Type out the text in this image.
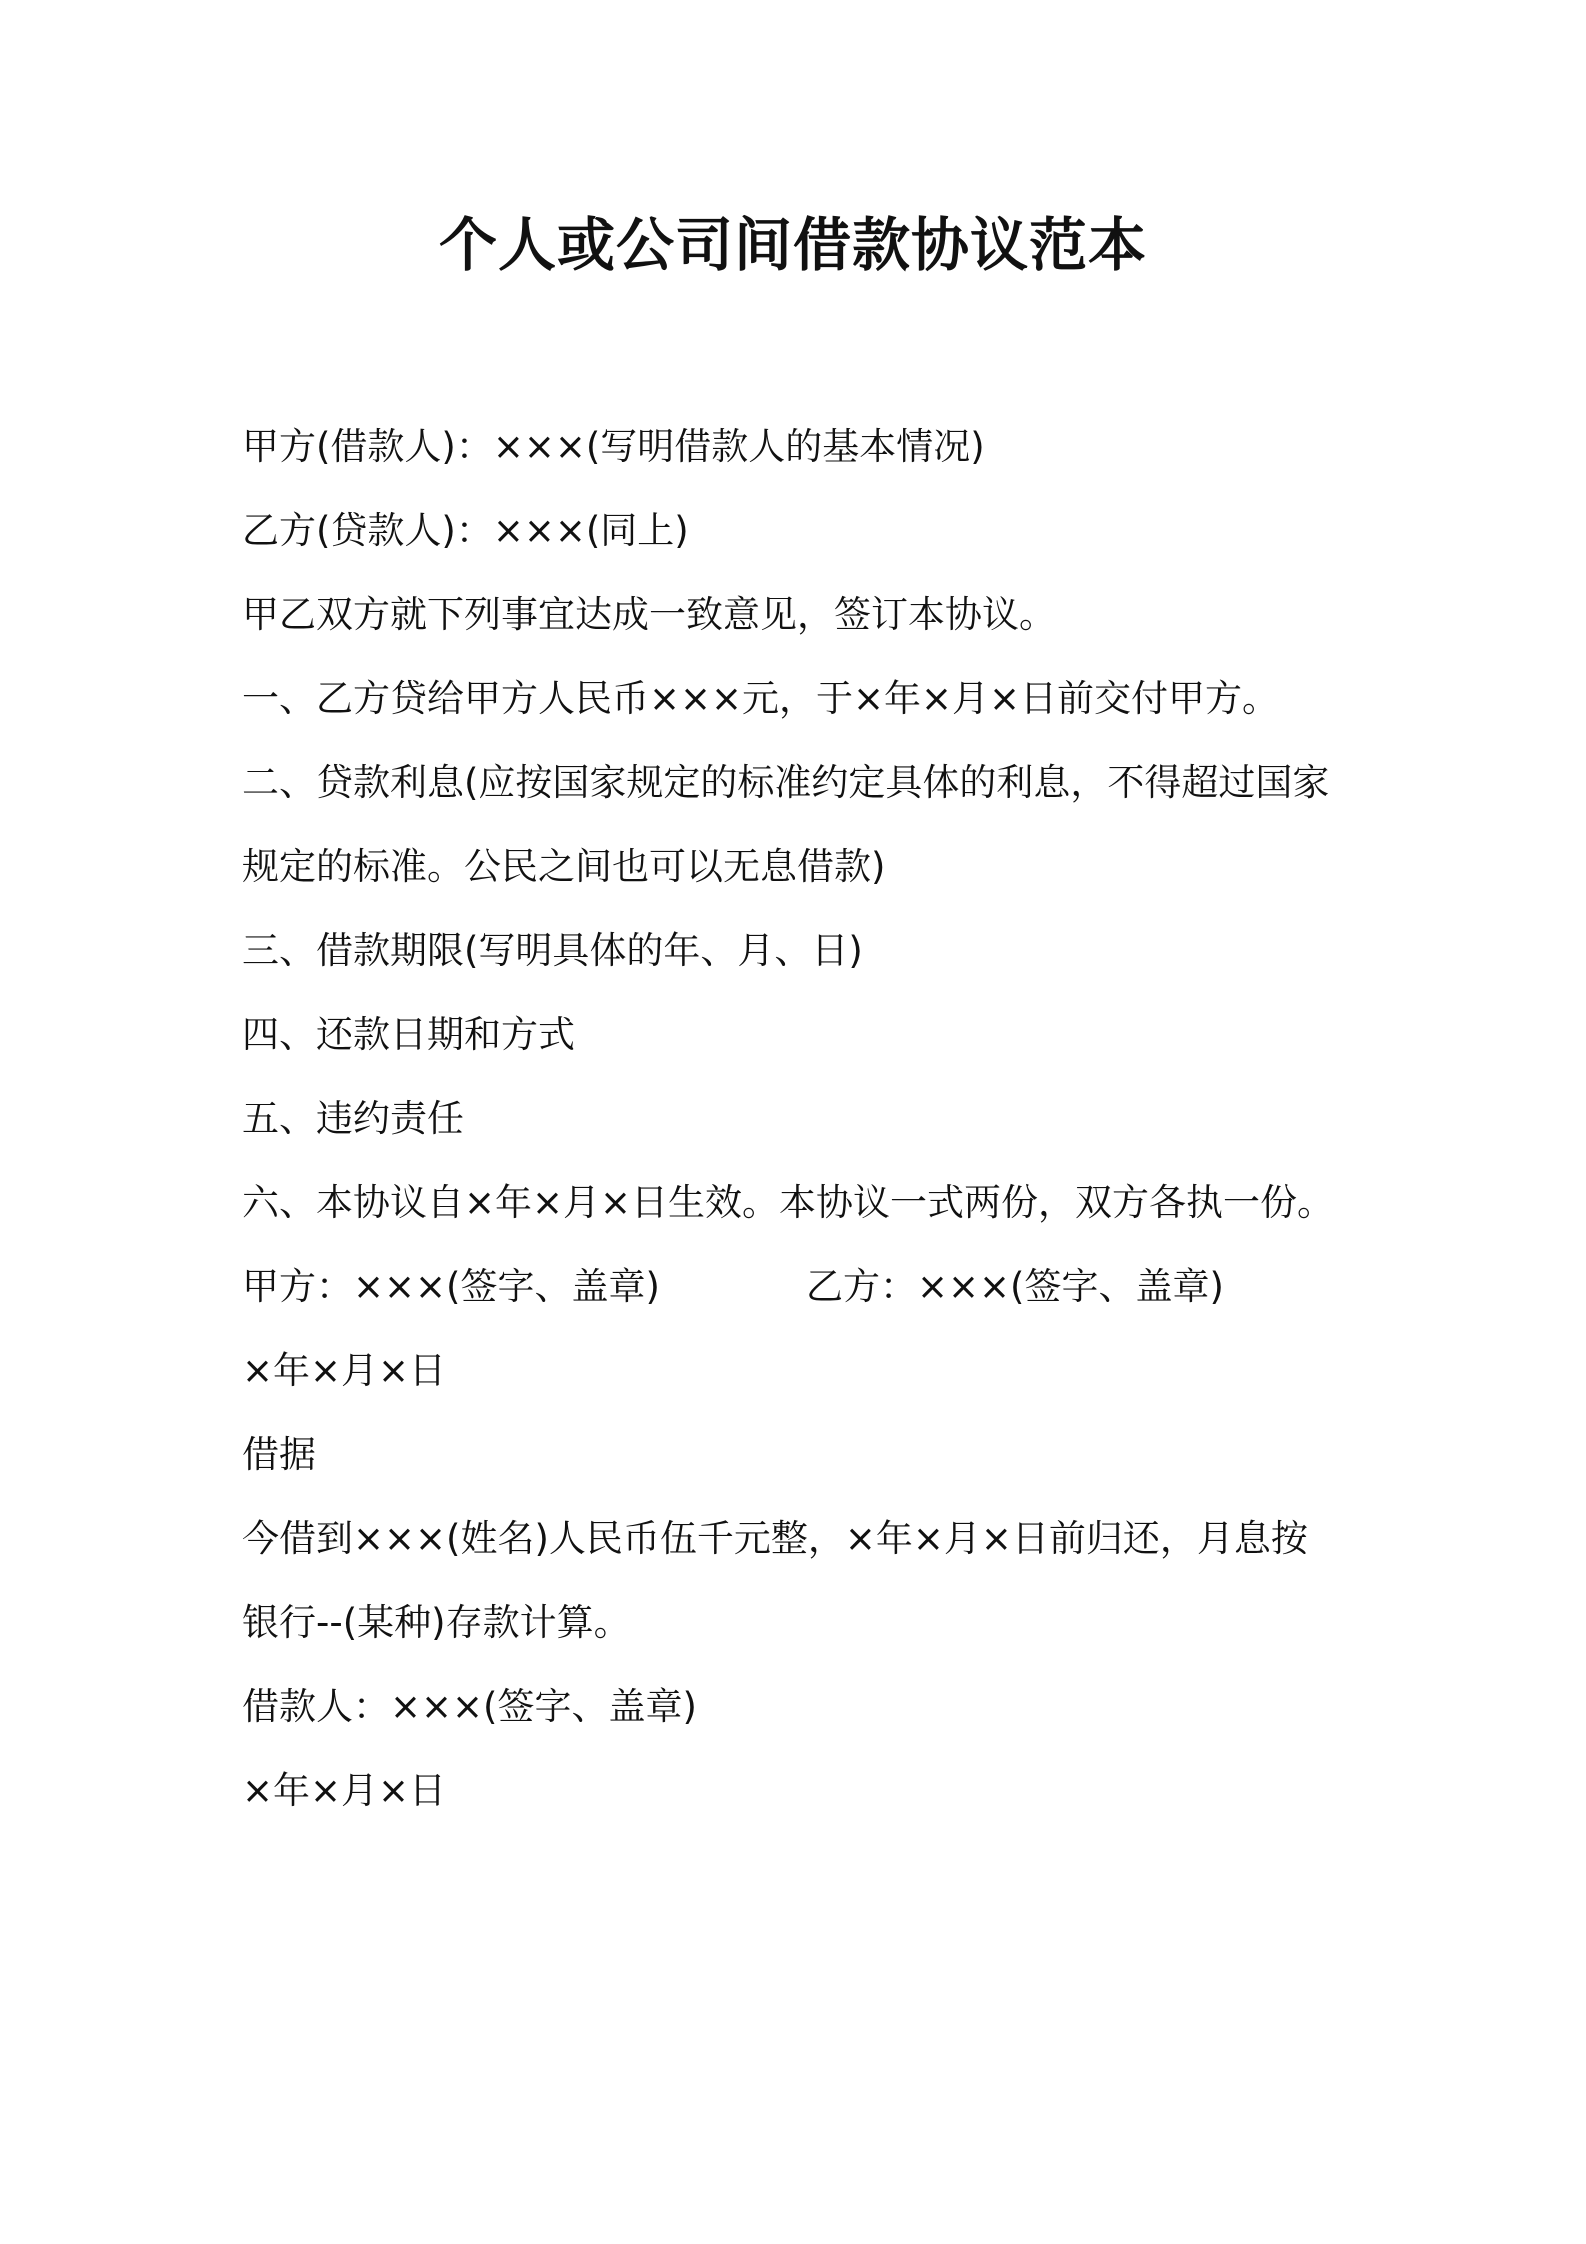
个人或公司间借款协议范本
甲方(借款人)：×××(写明借款人的基本情况)
乙方(贷款人)：×××(同上)
甲乙双方就下列事宜达成一致意见，签订本协议。
一、乙方贷给甲方人民币×××元，于×年×月×日前交付甲方。
二、贷款利息(应按国家规定的标准约定具体的利息，不得超过国家
规定的标准。公民之间也可以无息借款)
三、借款期限(写明具体的年、月、日)
四、还款日期和方式
五、违约责任
六、本协议自×年×月×日生效。本协议一式两份，双方各执一份。
甲方：×××(签字、盖章)	乙方：×××(签字、盖章)
×年×月×日
借据
今借到×××(姓名)人民币伍千元整，×年×月×日前归还，月息按
银行--(某种)存款计算。
借款人：×××(签字、盖章)
×年×月×日
